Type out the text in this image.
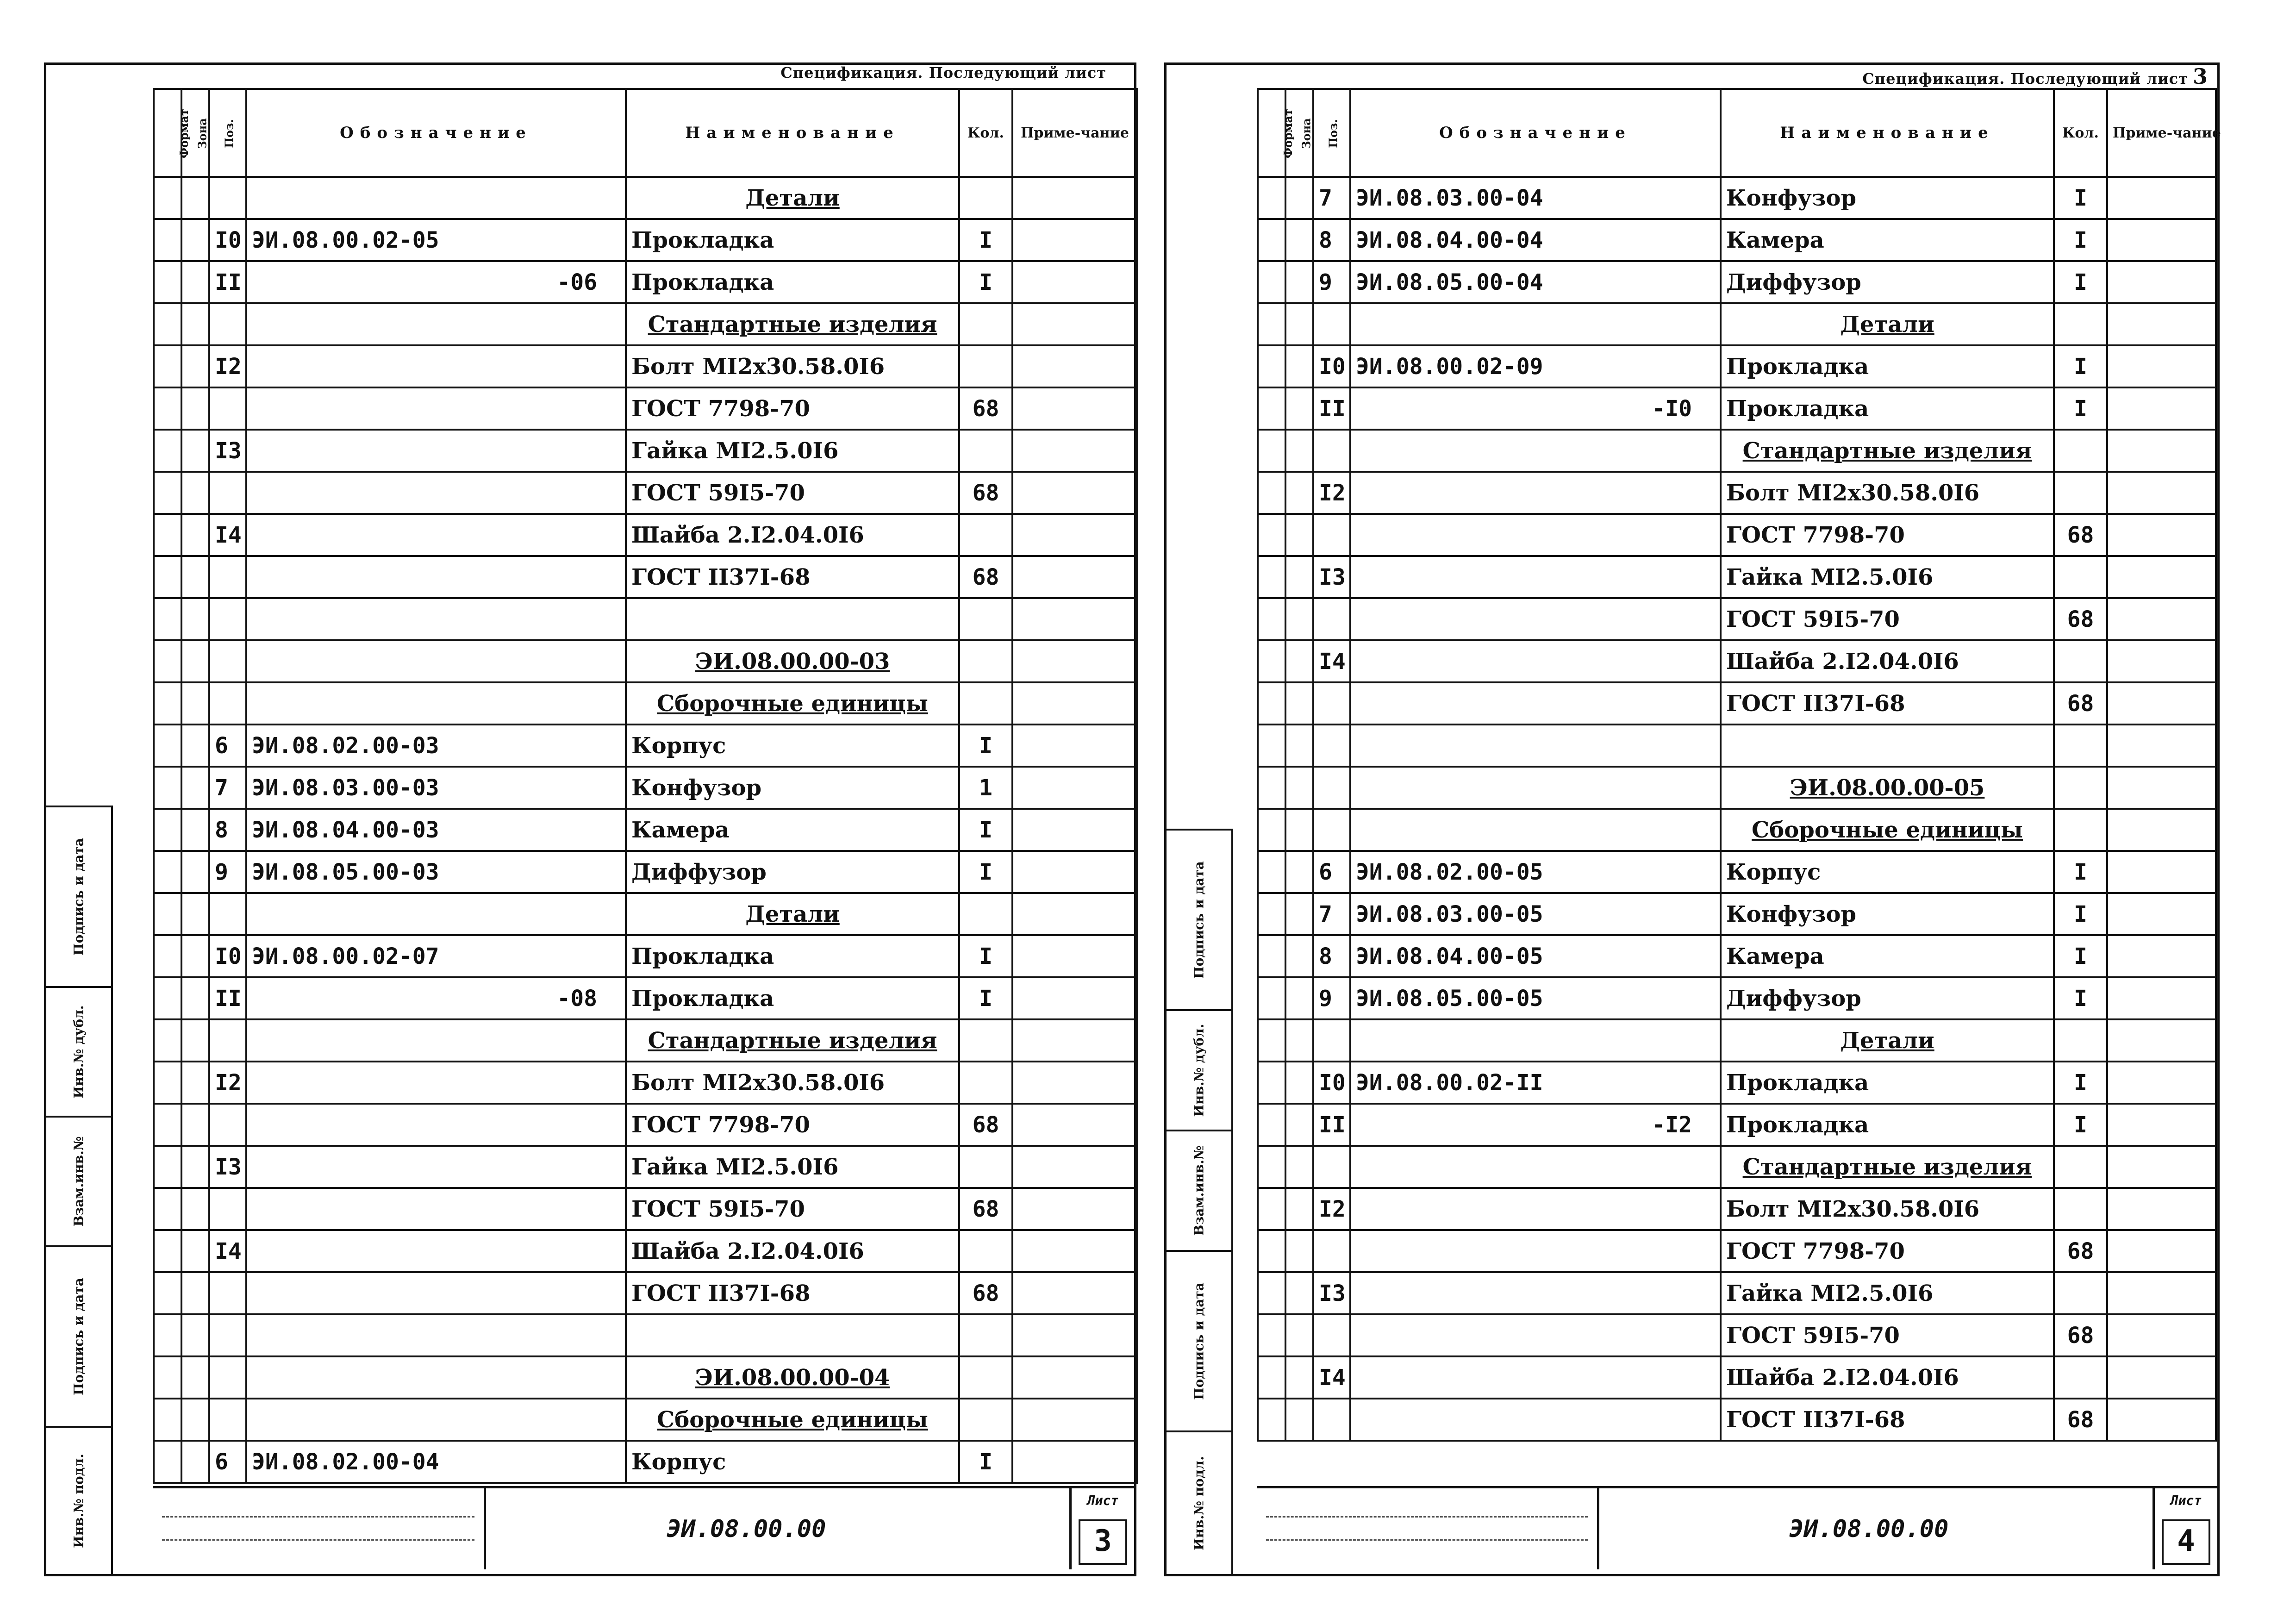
Спецификация. Последующий лист
Подпись и дата
Инв.№ дубл.
Взам.инв.№
Подпись и дата
Инв.№ подл.
Формат	Зона	Поз.	Обозначение	Наименование	Кол.	Приме-чание
				Детали		
		I0	ЭИ.08.00.02-05	Прокладка	I	
		II	-06	Прокладка	I	
				Стандартные изделия		
		I2		Болт МI2х30.58.0I6		
				ГОСТ 7798-70	68	
		I3		Гайка МI2.5.0I6		
				ГОСТ 59I5-70	68	
		I4		Шайба 2.I2.04.0I6		
				ГОСТ II37I-68	68	

				ЭИ.08.00.00-03		
				Сборочные единицы		
		6	ЭИ.08.02.00-03	Корпус	I	
		7	ЭИ.08.03.00-03	Конфузор	1	
		8	ЭИ.08.04.00-03	Камера	I	
		9	ЭИ.08.05.00-03	Диффузор	I	
				Детали		
		I0	ЭИ.08.00.02-07	Прокладка	I	
		II	-08	Прокладка	I	
				Стандартные изделия		
		I2		Болт МI2х30.58.0I6		
				ГОСТ 7798-70	68	
		I3		Гайка МI2.5.0I6		
				ГОСТ 59I5-70	68	
		I4		Шайба 2.I2.04.0I6		
				ГОСТ II37I-68	68	

				ЭИ.08.00.00-04		
				Сборочные единицы		
		6	ЭИ.08.02.00-04	Корпус	I	
ЭИ.08.00.00
Лист
3
Спецификация. Последующий лист 3
Подпись и дата
Инв.№ дубл.
Взам.инв.№
Подпись и дата
Инв.№ подл.
Формат	Зона	Поз.	Обозначение	Наименование	Кол.	Приме-чание
		7	ЭИ.08.03.00-04	Конфузор	I	
		8	ЭИ.08.04.00-04	Камера	I	
		9	ЭИ.08.05.00-04	Диффузор	I	
				Детали		
		I0	ЭИ.08.00.02-09	Прокладка	I	
		II	-I0	Прокладка	I	
				Стандартные изделия		
		I2		Болт МI2х30.58.0I6		
				ГОСТ 7798-70	68	
		I3		Гайка МI2.5.0I6		
				ГОСТ 59I5-70	68	
		I4		Шайба 2.I2.04.0I6		
				ГОСТ II37I-68	68	

				ЭИ.08.00.00-05		
				Сборочные единицы		
		6	ЭИ.08.02.00-05	Корпус	I	
		7	ЭИ.08.03.00-05	Конфузор	I	
		8	ЭИ.08.04.00-05	Камера	I	
		9	ЭИ.08.05.00-05	Диффузор	I	
				Детали		
		I0	ЭИ.08.00.02-II	Прокладка	I	
		II	-I2	Прокладка	I	
				Стандартные изделия		
		I2		Болт МI2х30.58.0I6		
				ГОСТ 7798-70	68	
		I3		Гайка МI2.5.0I6		
				ГОСТ 59I5-70	68	
		I4		Шайба 2.I2.04.0I6		
				ГОСТ II37I-68	68	
ЭИ.08.00.00
Лист
4
